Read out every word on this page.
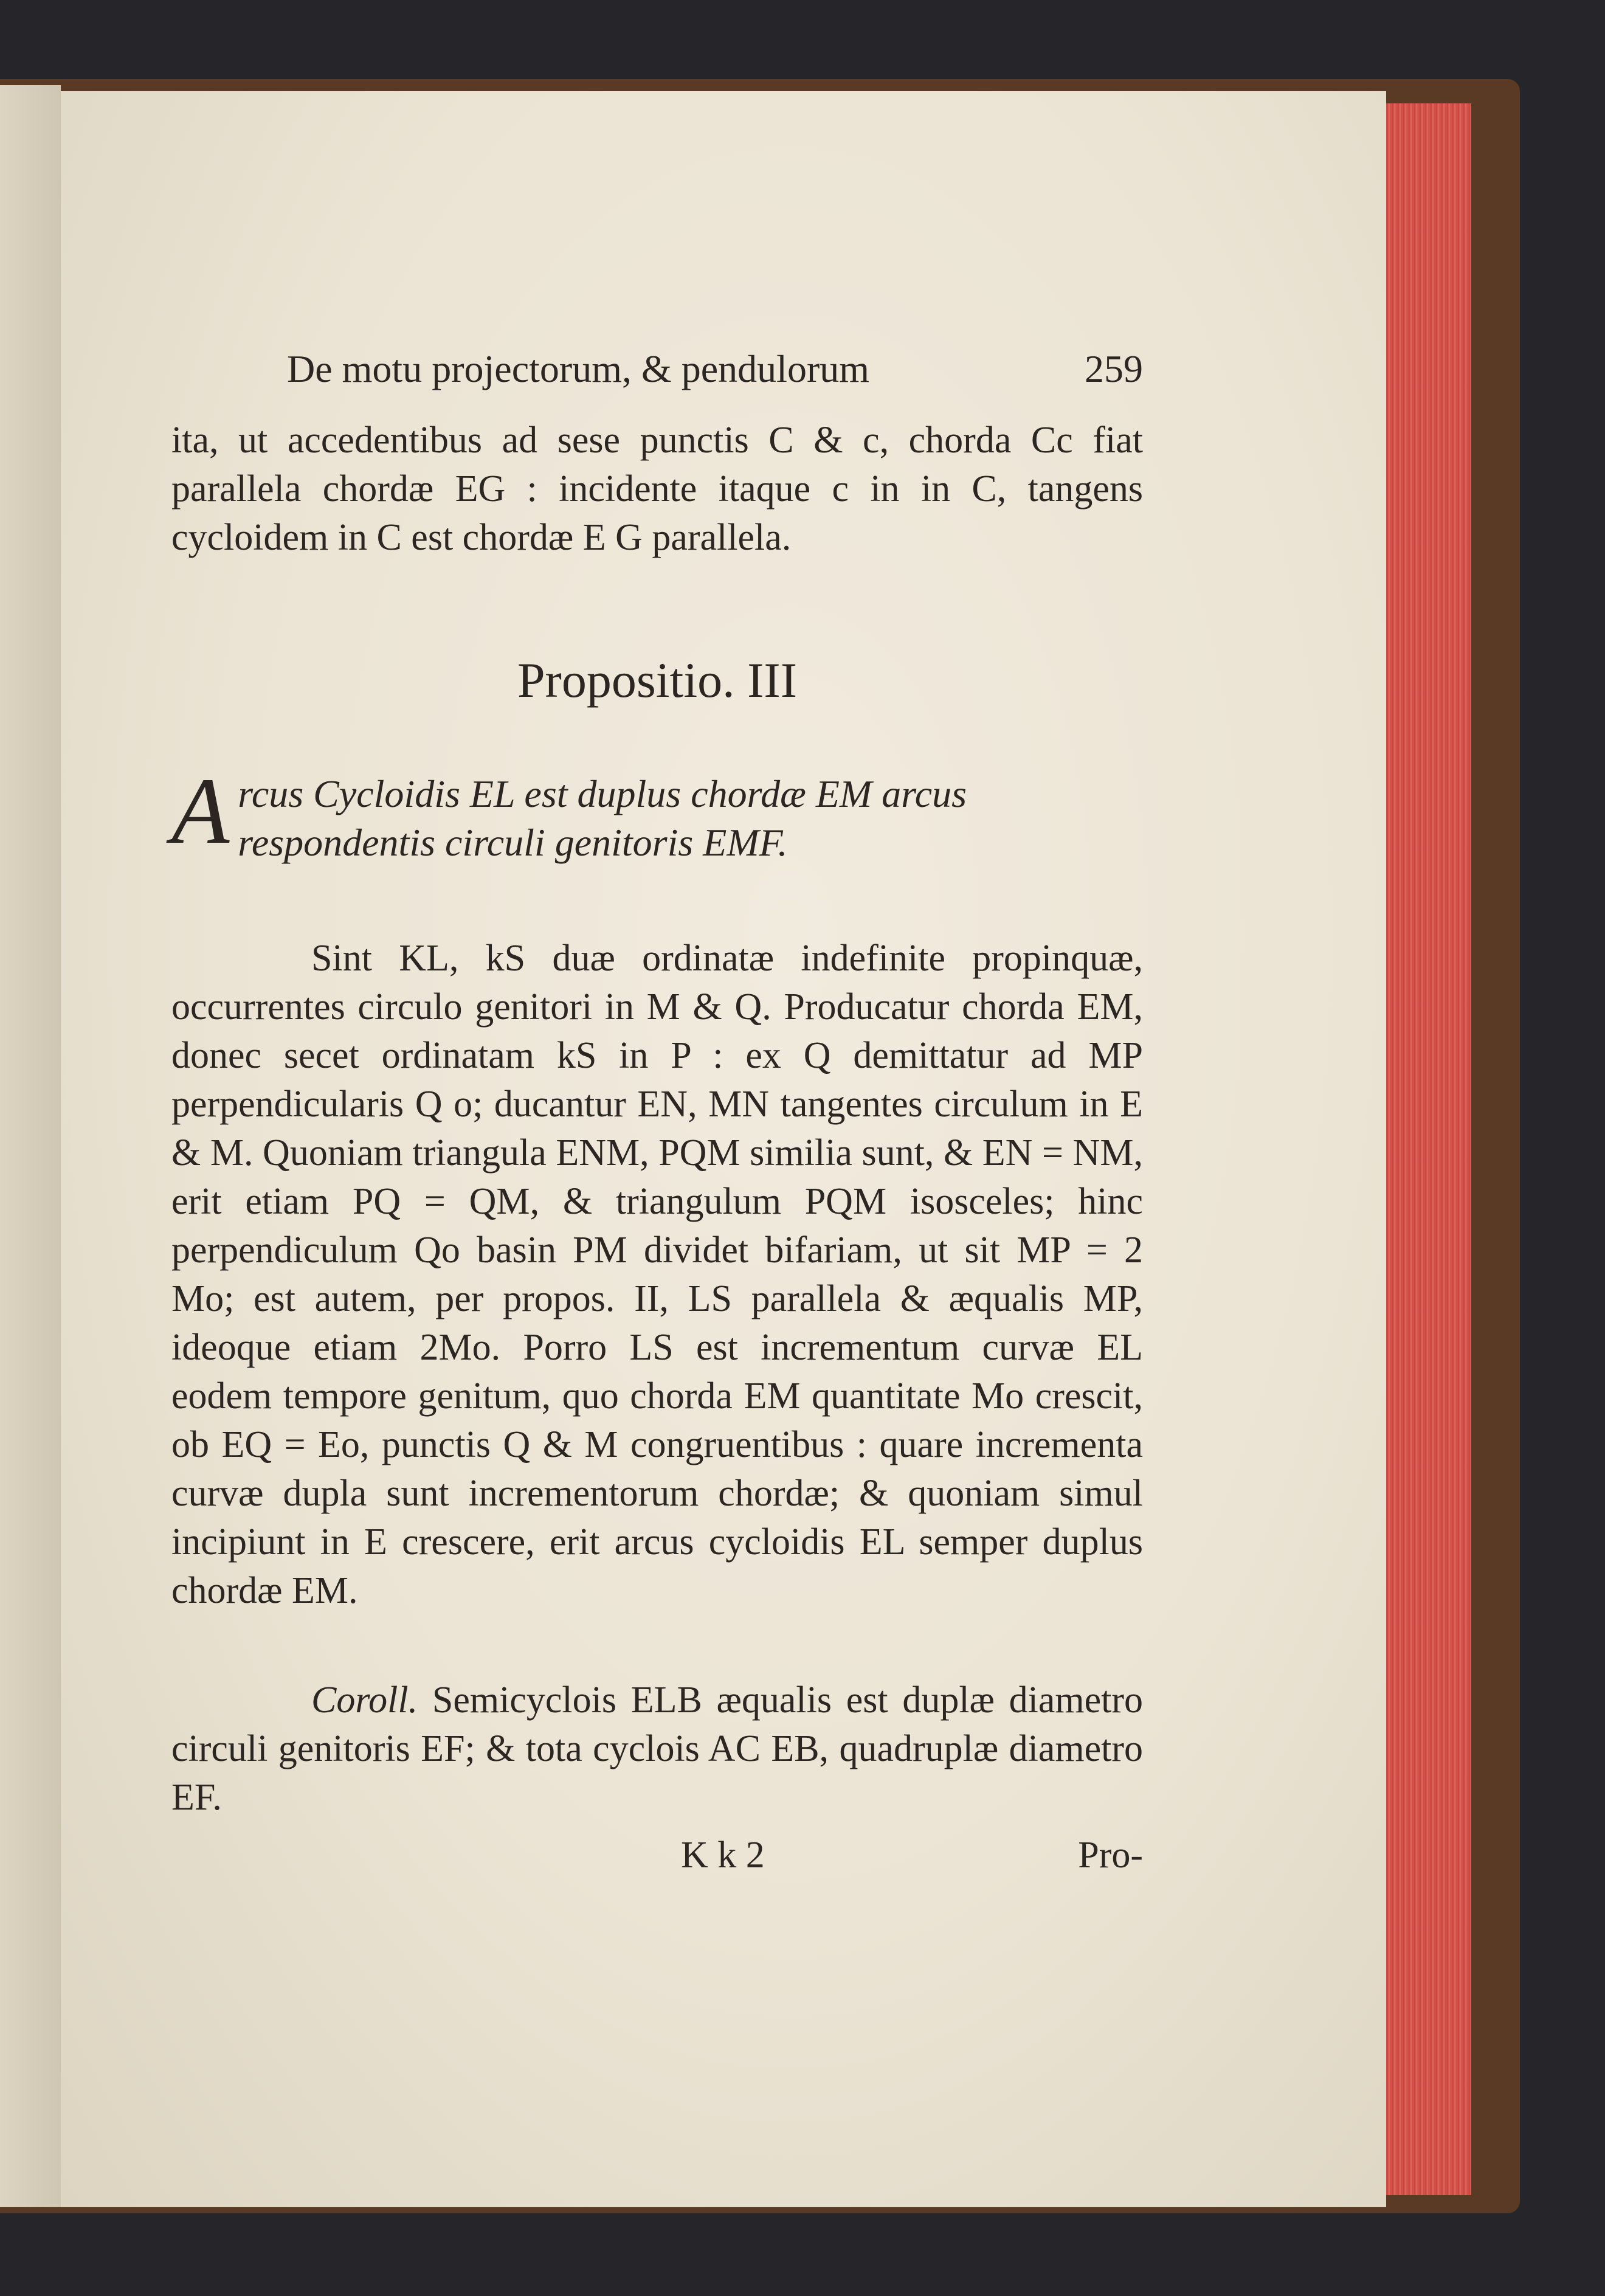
De motu projectorum, & pendulorum	259

ita, ut accedentibus ad sese punctis C & c, chorda Cc fiat parallela chordæ EG : incidente itaque c in in C, tangens cycloidem in C est chordæ E G parallela.

Propositio. III

A rcus Cycloidis EL est duplus chordæ EM arcus respondentis circuli genitoris EMF.

Sint KL, kS duæ ordinatæ indefinite propinquæ, occurrentes circulo genitori in M & Q. Producatur chorda EM, donec secet ordinatam kS in P : ex Q demittatur ad MP perpendicularis Q o; ducantur EN, MN tangentes circulum in E & M. Quoniam triangula ENM, PQM similia sunt, & EN = NM, erit etiam PQ = QM, & triangulum PQM isosceles; hinc perpendiculum Qo basin PM dividet bifariam, ut sit MP = 2 Mo; est autem, per propos. II, LS parallela & æqualis MP, ideoque etiam 2Mo. Porro LS est incrementum curvæ EL eodem tempore genitum, quo chorda EM quantitate Mo crescit, ob EQ = Eo, punctis Q & M congruentibus : quare incrementa curvæ dupla sunt incrementorum chordæ; & quoniam simul incipiunt in E crescere, erit arcus cycloidis EL semper duplus chordæ EM.

Coroll. Semicyclois ELB æqualis est duplæ diametro circuli genitoris EF; & tota cyclois AC EB, quadruplæ diametro EF.

K k 2	Pro-
